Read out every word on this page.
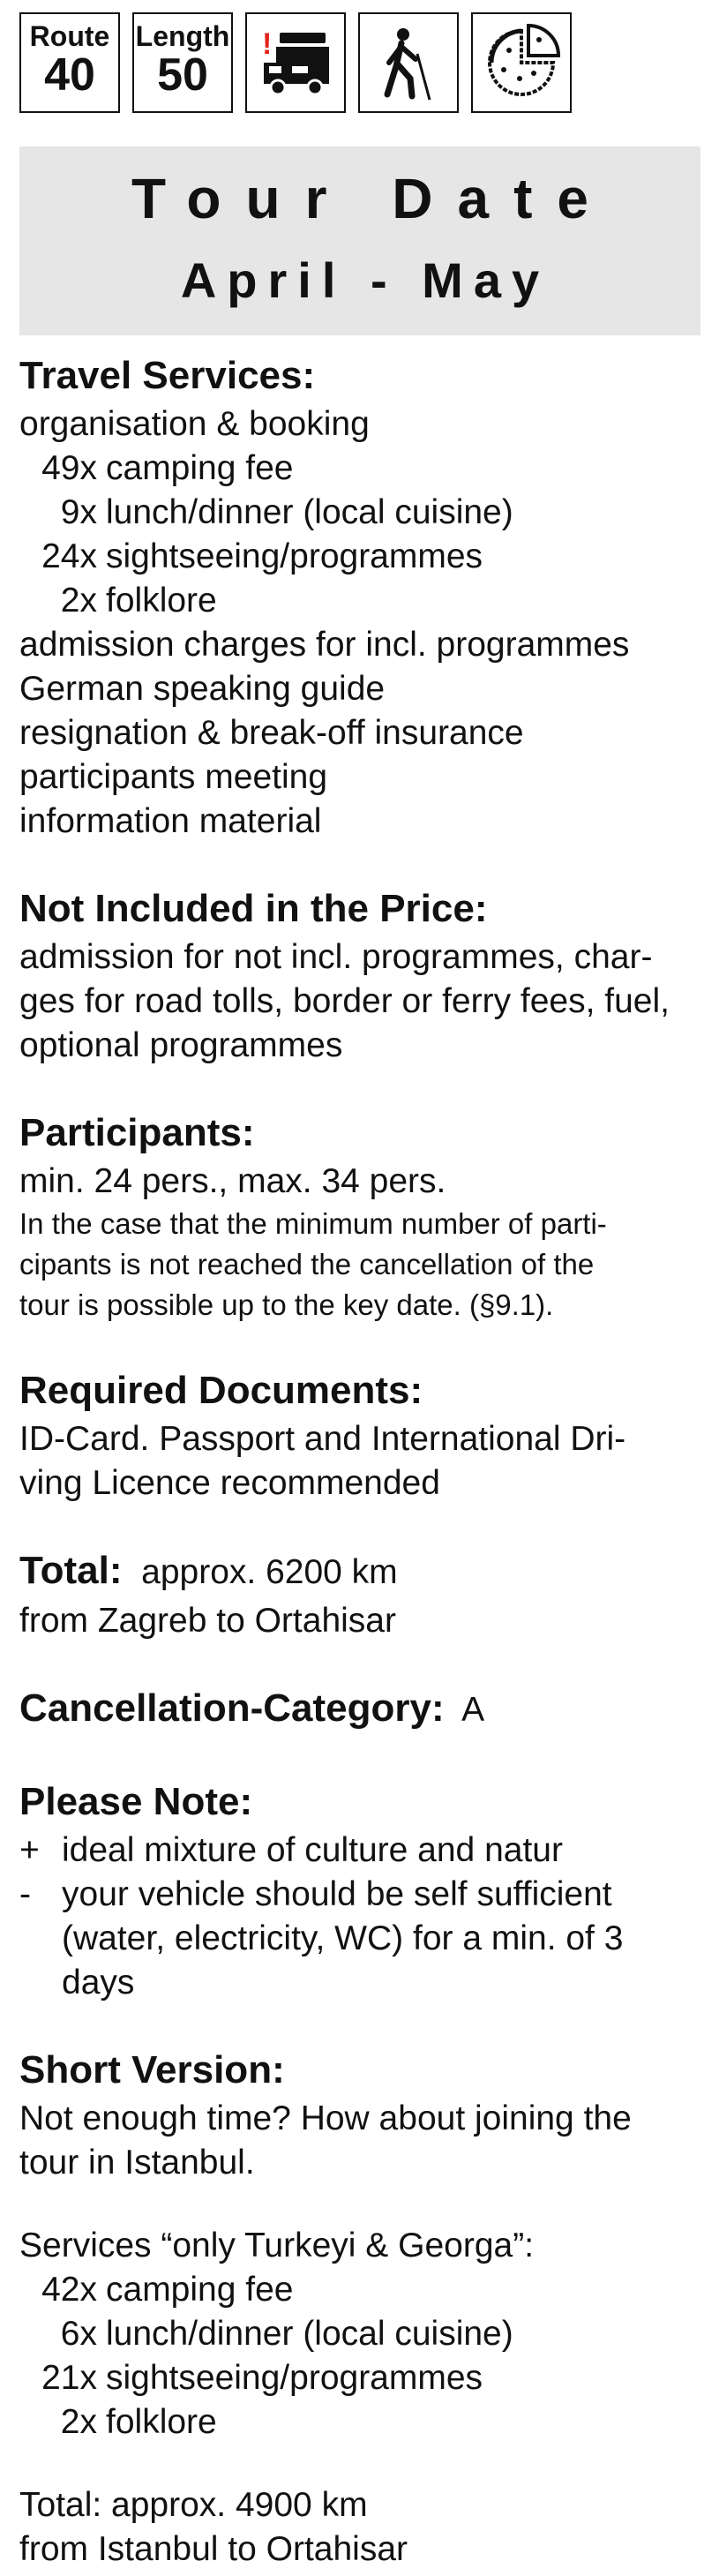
Route
40
Length
50
!
Tour Date
April - May
Travel Services:
organisation & booking
49x camping fee
9x lunch/dinner (local cuisine)
24x sightseeing/programmes
2x folklore
admission charges for incl. programmes
German speaking guide
resignation & break-off insurance
participants meeting
information material
Not Included in the Price:
admission for not incl. programmes, char-
ges for road tolls, border or ferry fees, fuel,
optional programmes
Participants:
min. 24 pers., max. 34 pers.
In the case that the minimum number of parti-
cipants is not reached the cancellation of the
tour is possible up to the key date. (§9.1).
Required Documents:
ID-Card. Passport and International Dri-
ving Licence recommended
Total: approx. 6200 km
from Zagreb to Ortahisar
Cancellation-Category: A
Please Note:
+ ideal mixture of culture and natur
- your vehicle should be self sufficient
(water, electricity, WC) for a min. of 3
days
Short Version:
Not enough time? How about joining the
tour in Istanbul.
Services “only Turkeyi & Georga”:
42x camping fee
6x lunch/dinner (local cuisine)
21x sightseeing/programmes
2x folklore
Total: approx. 4900 km
from Istanbul to Ortahisar
